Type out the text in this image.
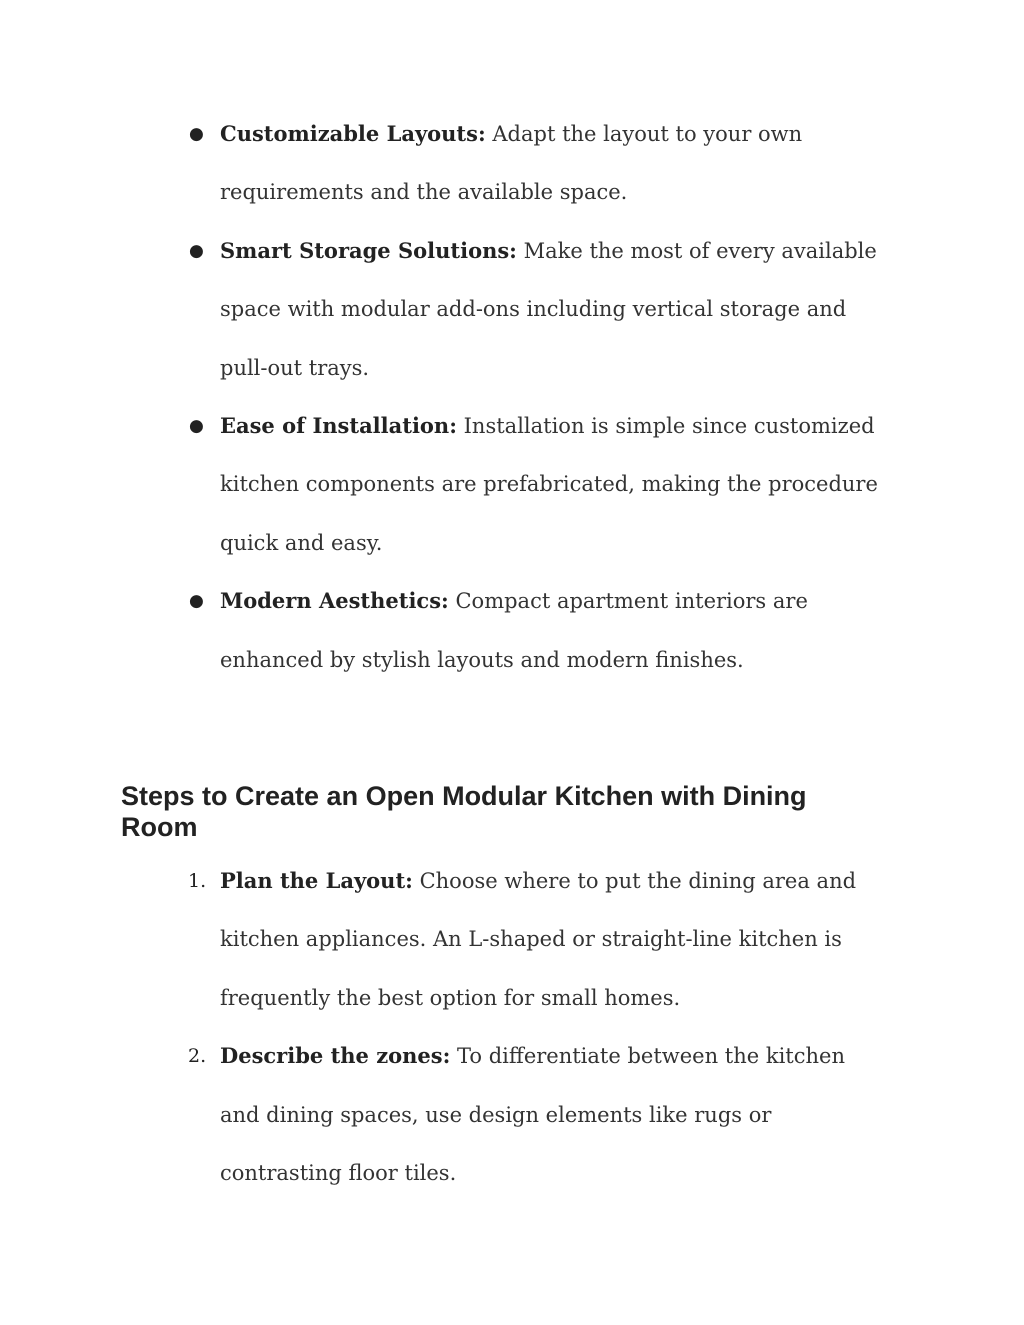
● Customizable Layouts: Adapt the layout to your own requirements and the available space.
● Smart Storage Solutions: Make the most of every available space with modular add-ons including vertical storage and pull-out trays.
● Ease of Installation: Installation is simple since customized kitchen components are prefabricated, making the procedure quick and easy.
● Modern Aesthetics: Compact apartment interiors are enhanced by stylish layouts and modern finishes.
Steps to Create an Open Modular Kitchen with Dining Room
1. Plan the Layout: Choose where to put the dining area and kitchen appliances. An L-shaped or straight-line kitchen is frequently the best option for small homes.
2. Describe the zones: To differentiate between the kitchen and dining spaces, use design elements like rugs or contrasting floor tiles.
